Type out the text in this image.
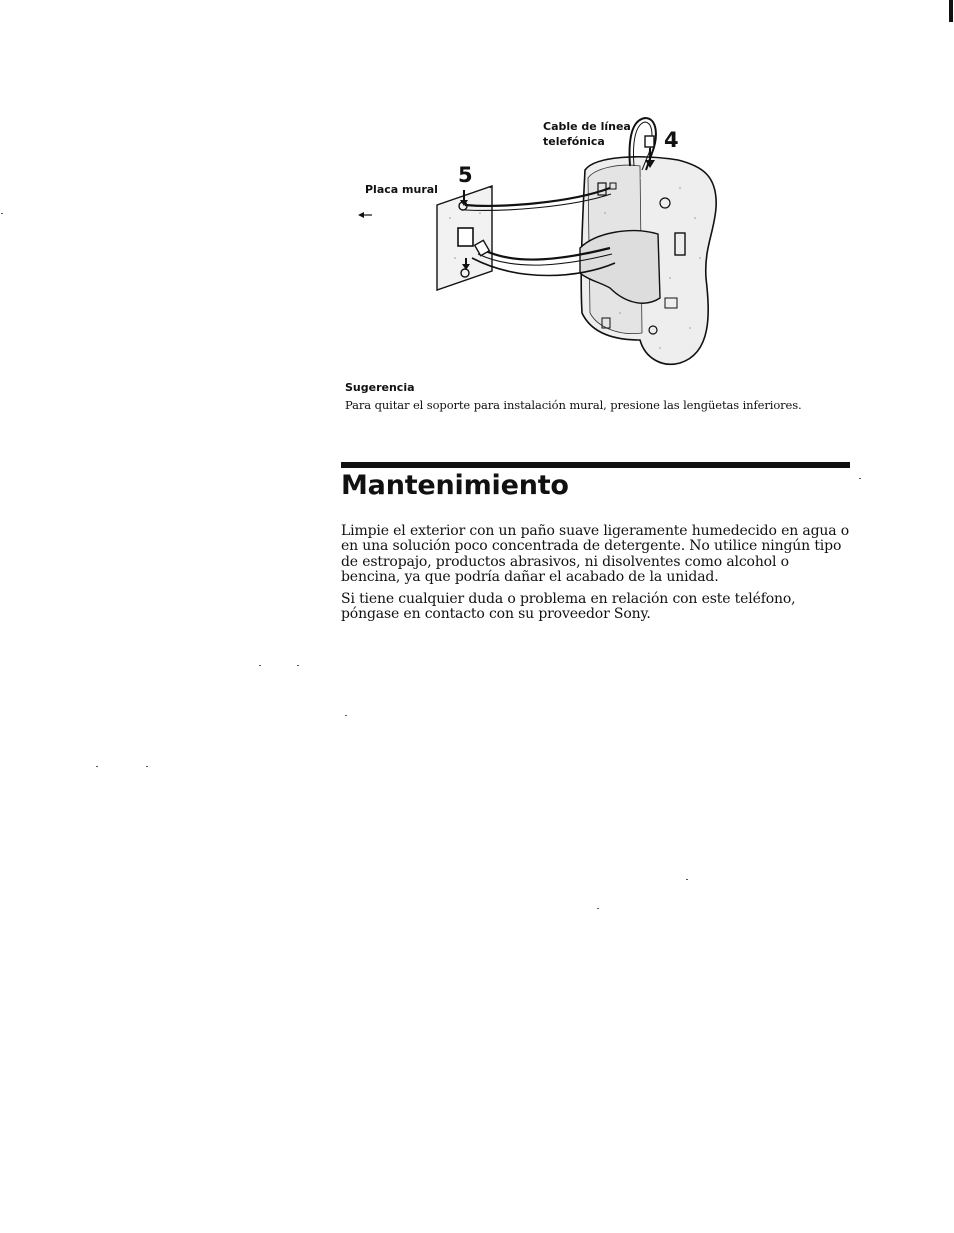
Cable de línea
telefónica
Placa mural
5
4
Sugerencia
Para quitar el soporte para instalación mural, presione las lengüetas inferiores.
Mantenimiento

Limpie el exterior con un paño suave ligeramente humedecido en agua o en una solución poco concentrada de detergente. No utilice ningún tipo de estropajo, productos abrasivos, ni disolventes como alcohol o bencina, ya que podría dañar el acabado de la unidad.

Si tiene cualquier duda o problema en relación con este teléfono, póngase en contacto con su proveedor Sony.
